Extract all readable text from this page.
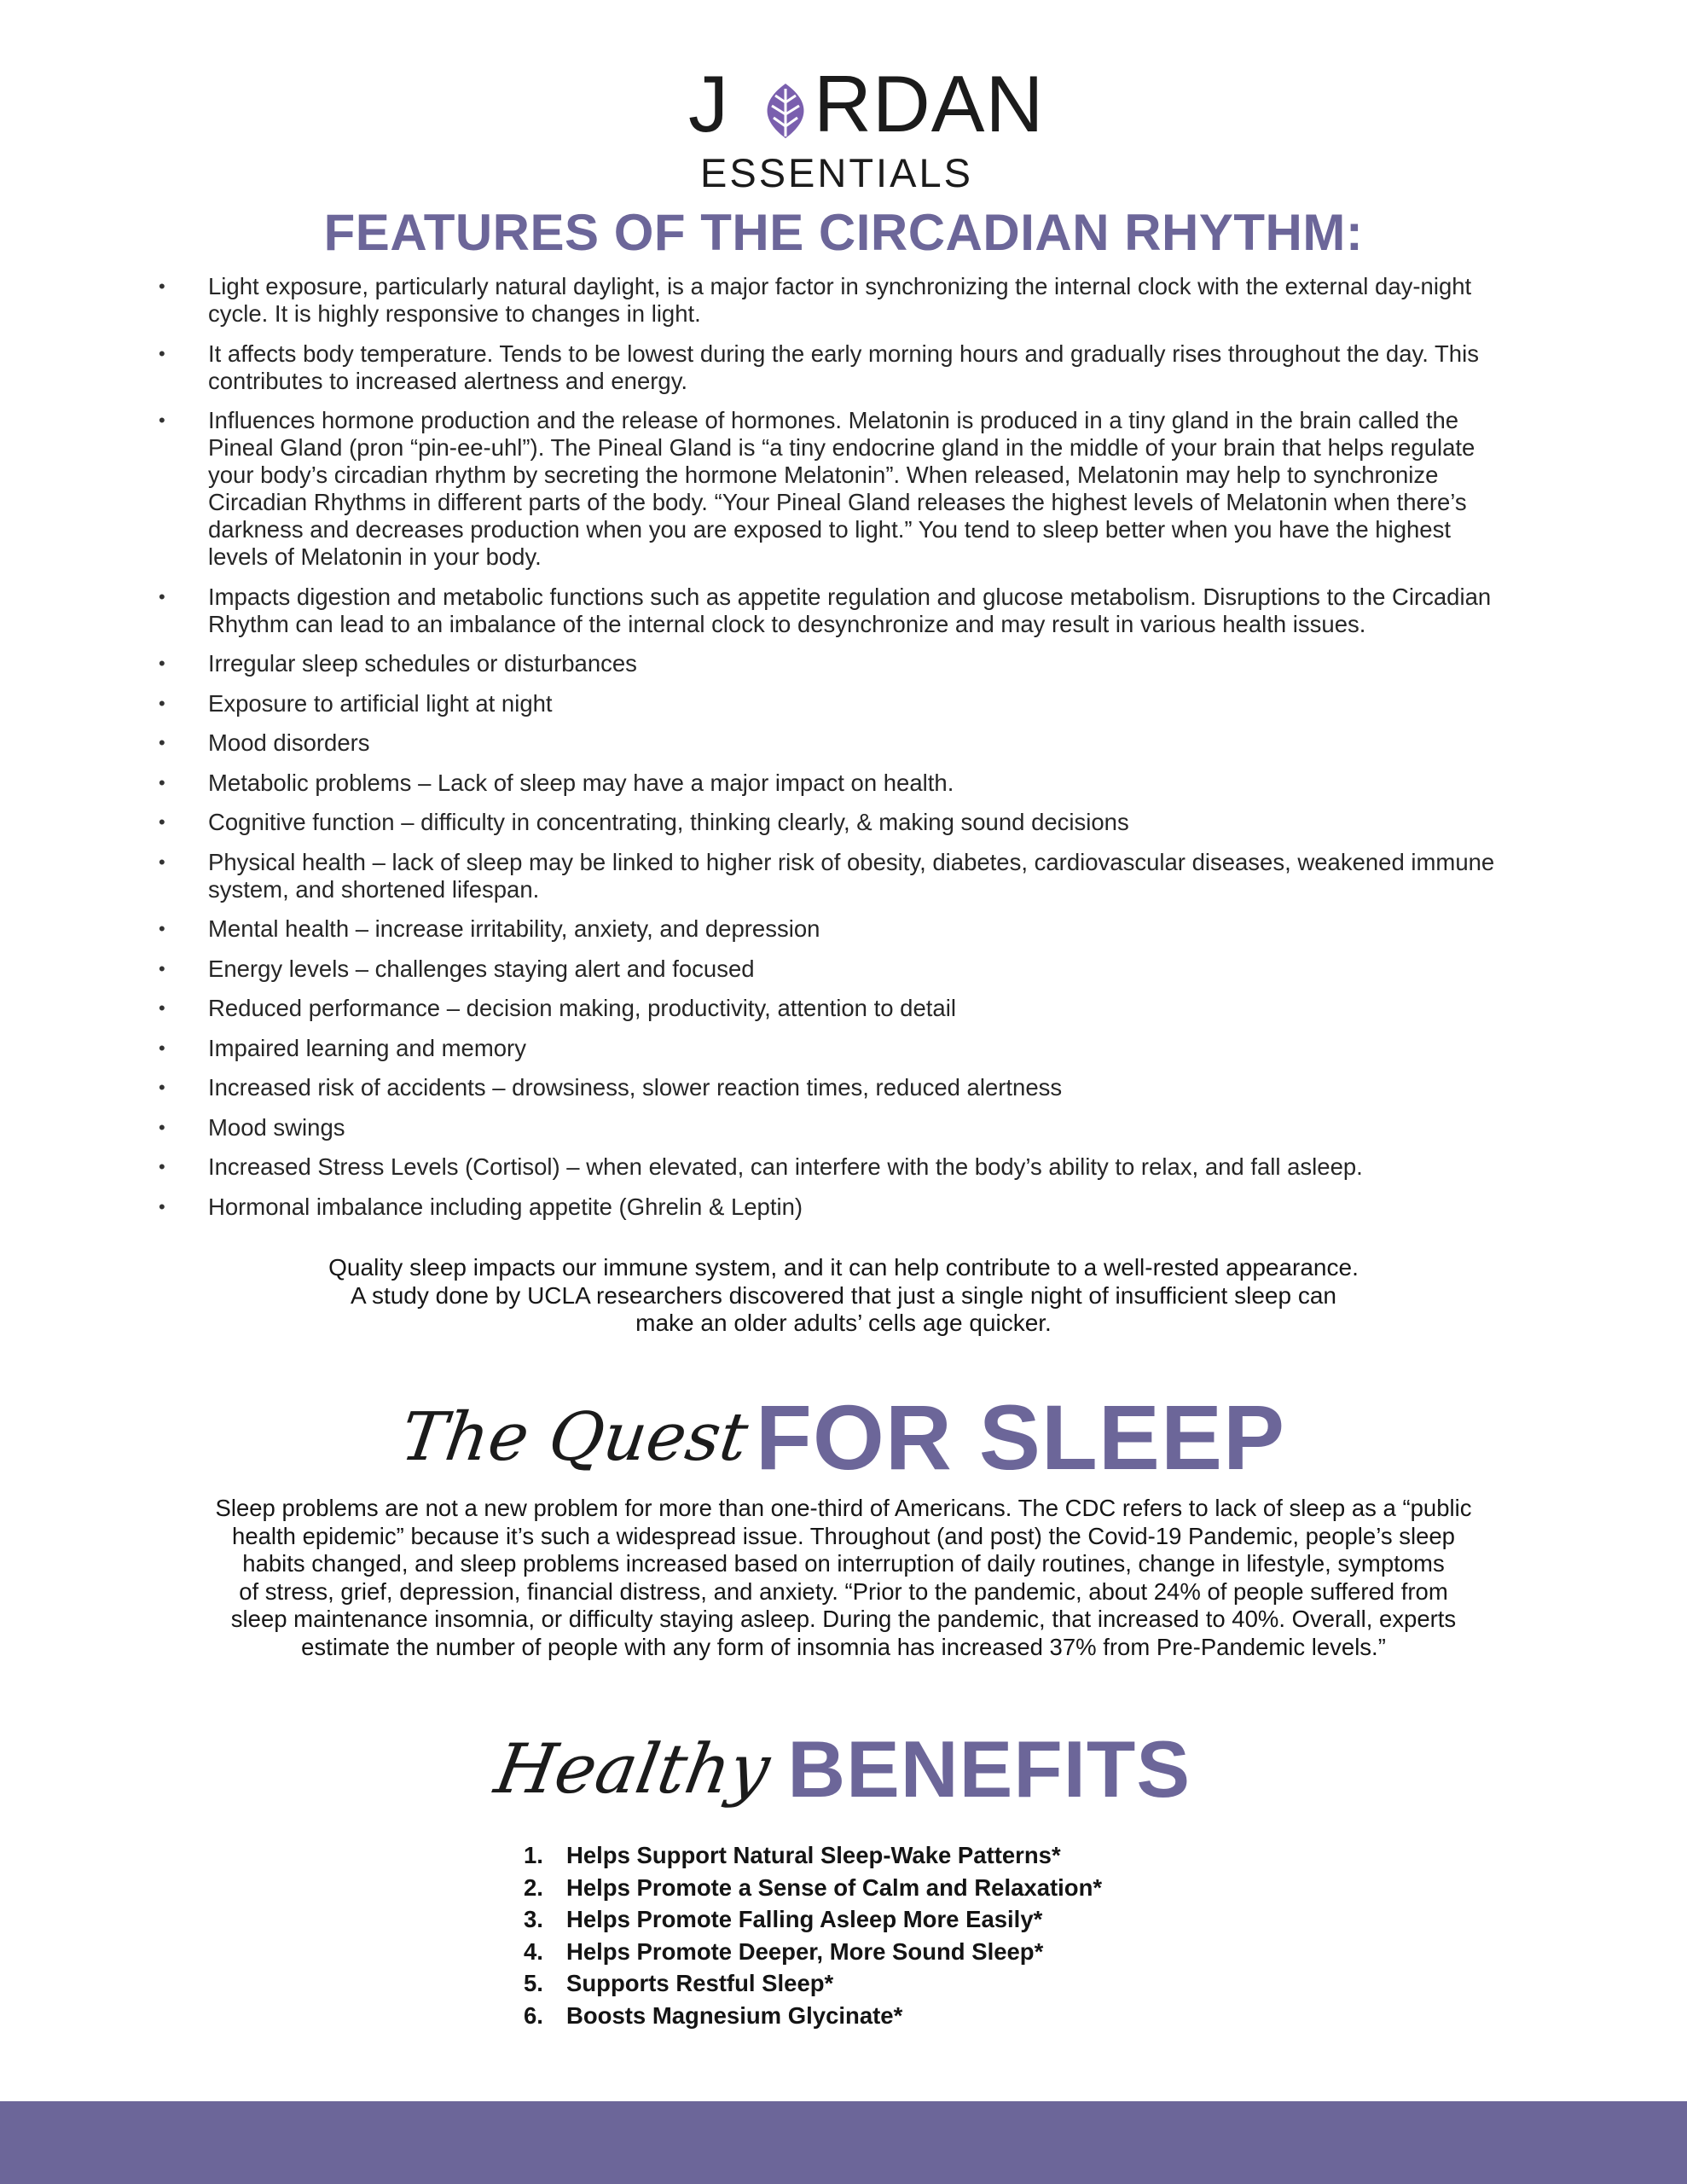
J RDAN
ESSENTIALS
FEATURES OF THE CIRCADIAN RHYTHM:
• Light exposure, particularly natural daylight, is a major factor in synchronizing the internal clock with the external day-night
cycle. It is highly responsive to changes in light.
• It affects body temperature. Tends to be lowest during the early morning hours and gradually rises throughout the day. This
contributes to increased alertness and energy.
• Influences hormone production and the release of hormones. Melatonin is produced in a tiny gland in the brain called the
Pineal Gland (pron “pin-ee-uhl”). The Pineal Gland is “a tiny endocrine gland in the middle of your brain that helps regulate
your body’s circadian rhythm by secreting the hormone Melatonin”. When released, Melatonin may help to synchronize
Circadian Rhythms in different parts of the body. “Your Pineal Gland releases the highest levels of Melatonin when there’s
darkness and decreases production when you are exposed to light.” You tend to sleep better when you have the highest
levels of Melatonin in your body.
• Impacts digestion and metabolic functions such as appetite regulation and glucose metabolism. Disruptions to the Circadian
Rhythm can lead to an imbalance of the internal clock to desynchronize and may result in various health issues.
• Irregular sleep schedules or disturbances
• Exposure to artificial light at night
• Mood disorders
• Metabolic problems – Lack of sleep may have a major impact on health.
• Cognitive function – difficulty in concentrating, thinking clearly, & making sound decisions
• Physical health – lack of sleep may be linked to higher risk of obesity, diabetes, cardiovascular diseases, weakened immune
system, and shortened lifespan.
• Mental health – increase irritability, anxiety, and depression
• Energy levels – challenges staying alert and focused
• Reduced performance – decision making, productivity, attention to detail
• Impaired learning and memory
• Increased risk of accidents – drowsiness, slower reaction times, reduced alertness
• Mood swings
• Increased Stress Levels (Cortisol) – when elevated, can interfere with the body’s ability to relax, and fall asleep.
• Hormonal imbalance including appetite (Ghrelin & Leptin)
Quality sleep impacts our immune system, and it can help contribute to a well-rested appearance.
A study done by UCLA researchers discovered that just a single night of insufficient sleep can
make an older adults’ cells age quicker.
The QuestFOR SLEEP
Sleep problems are not a new problem for more than one-third of Americans. The CDC refers to lack of sleep as a “public
health epidemic” because it’s such a widespread issue. Throughout (and post) the Covid-19 Pandemic, people’s sleep
habits changed, and sleep problems increased based on interruption of daily routines, change in lifestyle, symptoms
of stress, grief, depression, financial distress, and anxiety. “Prior to the pandemic, about 24% of people suffered from
sleep maintenance insomnia, or difficulty staying asleep. During the pandemic, that increased to 40%. Overall, experts
estimate the number of people with any form of insomnia has increased 37% from Pre-Pandemic levels.”
Healthy BENEFITS
1. Helps Support Natural Sleep-Wake Patterns*
2. Helps Promote a Sense of Calm and Relaxation*
3. Helps Promote Falling Asleep More Easily*
4. Helps Promote Deeper, More Sound Sleep*
5. Supports Restful Sleep*
6. Boosts Magnesium Glycinate*
